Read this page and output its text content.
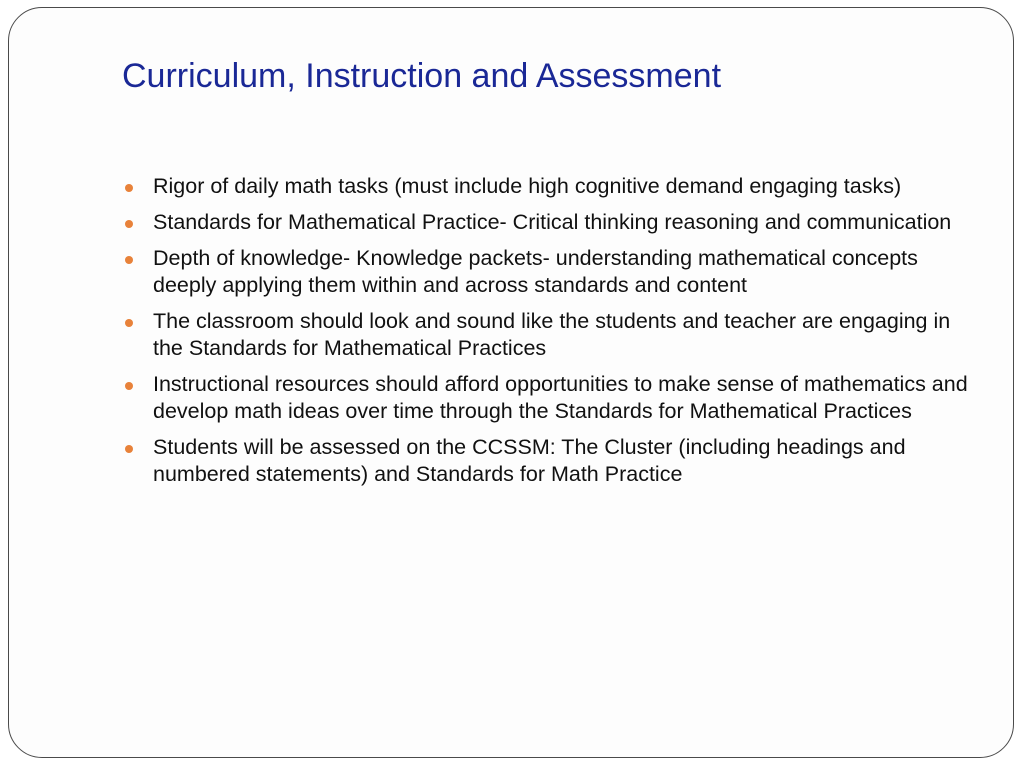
Curriculum, Instruction and Assessment
Rigor of daily math tasks (must include high cognitive demand engaging tasks)
Standards for Mathematical Practice- Critical thinking reasoning and communication
Depth of knowledge- Knowledge packets- understanding mathematical concepts deeply applying them within and across standards and content
The classroom should look and sound like the students and teacher are engaging in the Standards for Mathematical Practices
Instructional resources should afford opportunities to make sense of mathematics and develop math ideas over time through the Standards for Mathematical Practices
Students will be assessed on the CCSSM: The Cluster (including headings and numbered statements) and Standards for Math Practice
